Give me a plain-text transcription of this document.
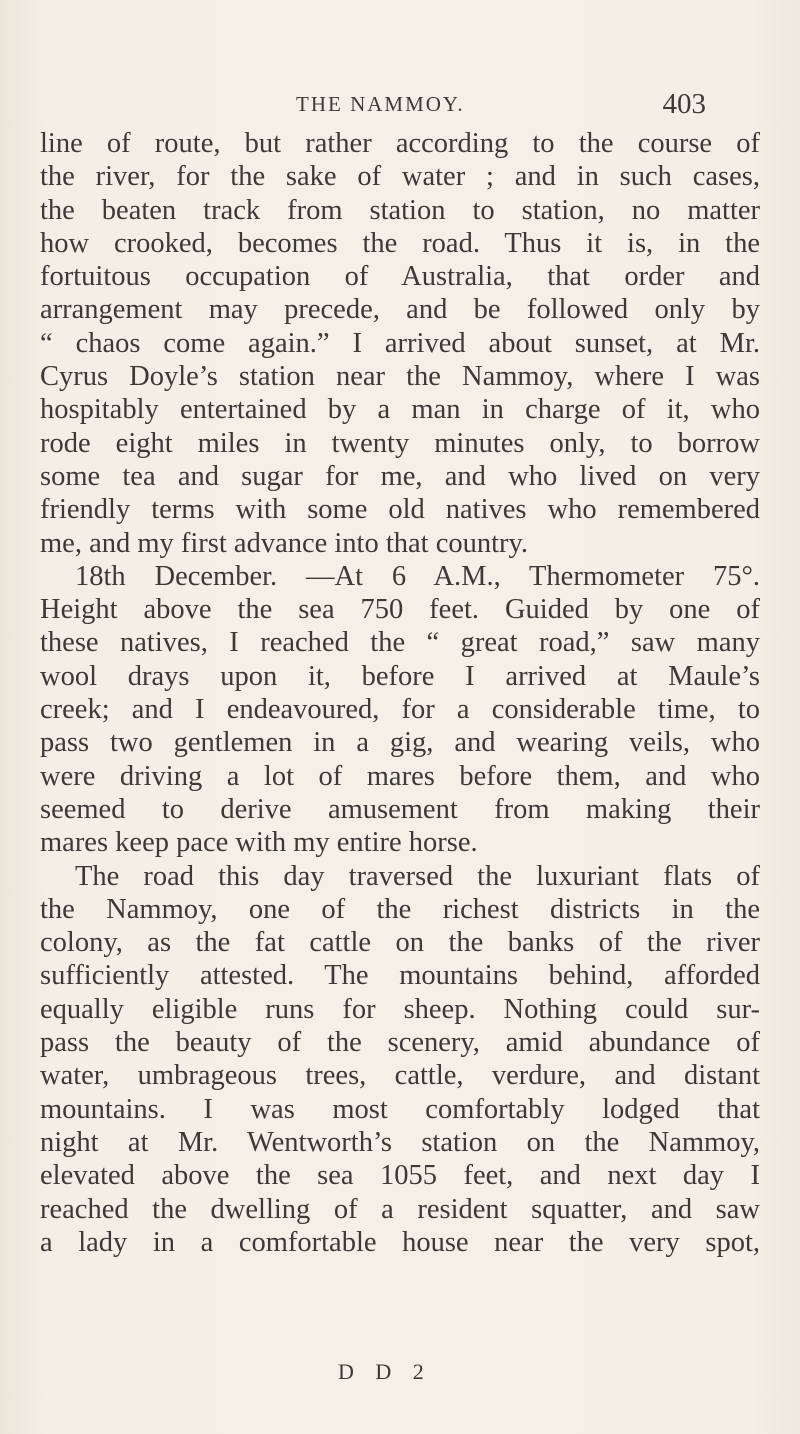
THE NAMMOY.	403
line of route, but rather according to the course of
the river, for the sake of water ; and in such cases,
the beaten track from station to station, no matter
how crooked, becomes the road. Thus it is, in the
fortuitous occupation of Australia, that order and
arrangement may precede, and be followed only by
“ chaos come again.” I arrived about sunset, at Mr.
Cyrus Doyle’s station near the Nammoy, where I was
hospitably entertained by a man in charge of it, who
rode eight miles in twenty minutes only, to borrow
some tea and sugar for me, and who lived on very
friendly terms with some old natives who remembered
me, and my first advance into that country.
18th December. —At 6 A.M., Thermometer 75°.
Height above the sea 750 feet. Guided by one of
these natives, I reached the “ great road,” saw many
wool drays upon it, before I arrived at Maule’s
creek; and I endeavoured, for a considerable time, to
pass two gentlemen in a gig, and wearing veils, who
were driving a lot of mares before them, and who
seemed to derive amusement from making their
mares keep pace with my entire horse.
The road this day traversed the luxuriant flats of
the Nammoy, one of the richest districts in the
colony, as the fat cattle on the banks of the river
sufficiently attested. The mountains behind, afforded
equally eligible runs for sheep. Nothing could sur-
pass the beauty of the scenery, amid abundance of
water, umbrageous trees, cattle, verdure, and distant
mountains. I was most comfortably lodged that
night at Mr. Wentworth’s station on the Nammoy,
elevated above the sea 1055 feet, and next day I
reached the dwelling of a resident squatter, and saw
a lady in a comfortable house near the very spot,
D D 2
